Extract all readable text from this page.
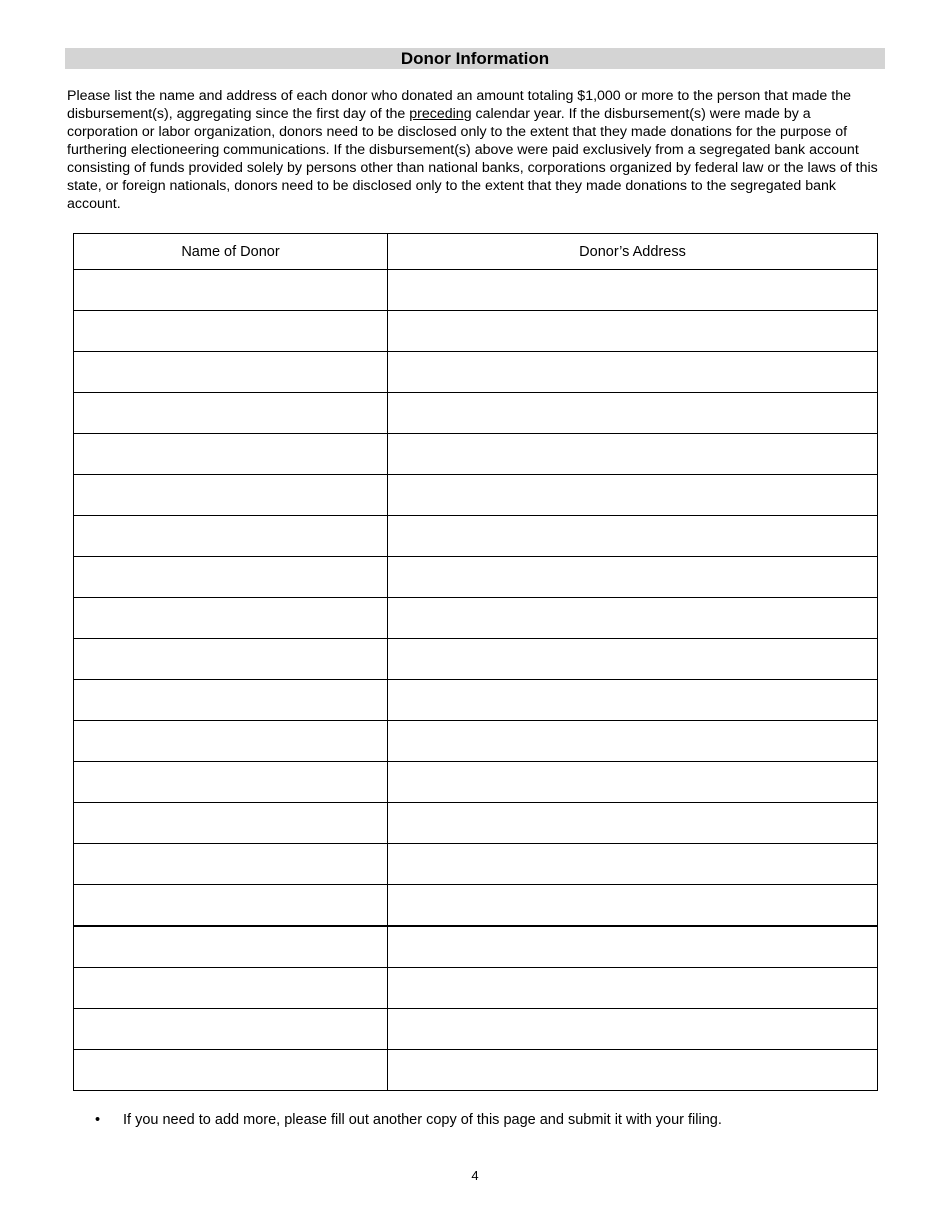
Donor Information

Please list the name and address of each donor who donated an amount totaling $1,000 or more to the person that made the disbursement(s), aggregating since the first day of the preceding calendar year. If the disbursement(s) were made by a corporation or labor organization, donors need to be disclosed only to the extent that they made donations for the purpose of furthering electioneering communications. If the disbursement(s) above were paid exclusively from a segregated bank account consisting of funds provided solely by persons other than national banks, corporations organized by federal law or the laws of this state, or foreign nationals, donors need to be disclosed only to the extent that they made donations to the segregated bank account.

Name of Donor	Donor’s Address

• If you need to add more, please fill out another copy of this page and submit it with your filing.
4
